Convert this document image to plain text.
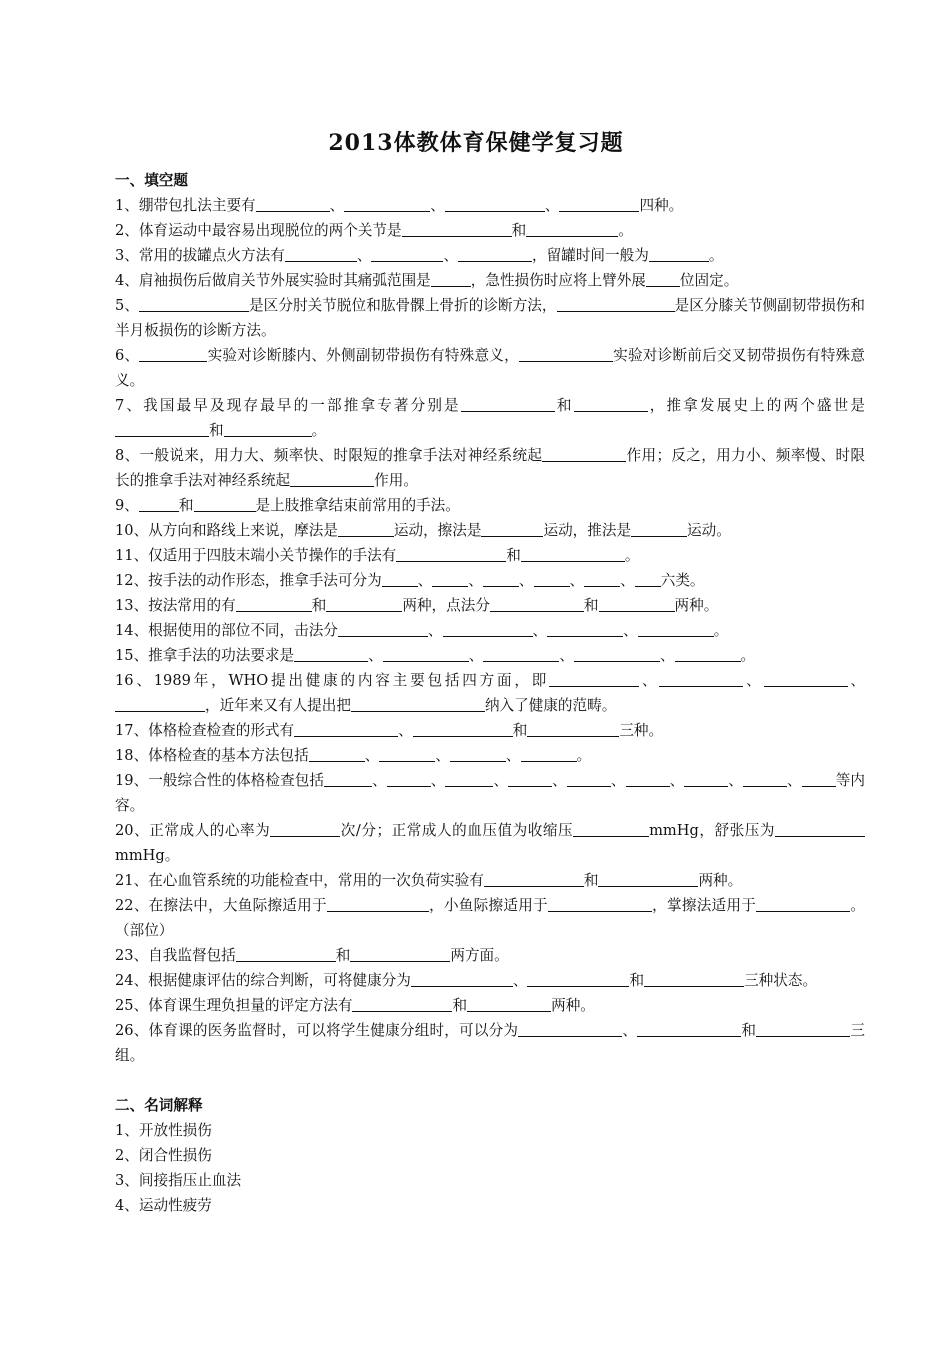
2013体教体育保健学复习题
一、填空题
1、绷带包扎法主要有	、	、	、	四种。
2、体育运动中最容易出现脱位的两个关节是	和	。
3、常用的拔罐点火方法有	、	、	，留罐时间一般为	。
4、肩袖损伤后做肩关节外展实验时其痛弧范围是	，急性损伤时应将上臂外展 位固定。
5、	是区分肘关节脱位和肱骨髁上骨折的诊断方法，	是区分膝关节侧副韧带损伤和半月板损伤的诊断方法。
6、	实验对诊断膝内、外侧副韧带损伤有特殊意义，	实验对诊断前后交叉韧带损伤有特殊意义。
7、我国最早及现存最早的一部推拿专著分别是	和	，推拿发展史上的两个盛世是和	。
8、一般说来，用力大、频率快、时限短的推拿手法对神经系统起	作用；反之，用力小、频率慢、时限长的推拿手法对神经系统起	作用。
9、	和	是上肢推拿结束前常用的手法。
10、从方向和路线上来说，摩法是	运动，擦法是	运动，推法是	运动。
11、仅适用于四肢末端小关节操作的手法有	和	。
12、按手法的动作形态，推拿手法可分为 、 、 、 、 、 六类。
13、按法常用的有	和	两种，点法分	和	两种。
14、根据使用的部位不同，击法分	、	、	、	。
15、推拿手法的功法要求是	、	、	、	、	。
16、1989年，WHO提出健康的内容主要包括四方面，即	、	、	、，近年来又有人提出把	纳入了健康的范畴。
17、体格检查检查的形式有	、	和	三种。
18、体格检查的基本方法包括	、	、	、	。
19、一般综合性的体格检查包括	、	、	、	、	、	、	、	、 等内容。
20、正常成人的心率为	次/分；正常成人的血压值为收缩压	mmHg，舒张压为mmHg。
21、在心血管系统的功能检查中，常用的一次负荷实验有	和	两种。
22、在擦法中，大鱼际擦适用于	，小鱼际擦适用于	，掌擦法适用于	。（部位）
23、自我监督包括	和	两方面。
24、根据健康评估的综合判断，可将健康分为	、	和	三种状态。
25、体育课生理负担量的评定方法有	和	两种。
26、体育课的医务监督时，可以将学生健康分组时，可以分为	、	和	三组。
二、名词解释
1、开放性损伤
2、闭合性损伤
3、间接指压止血法
4、运动性疲劳
